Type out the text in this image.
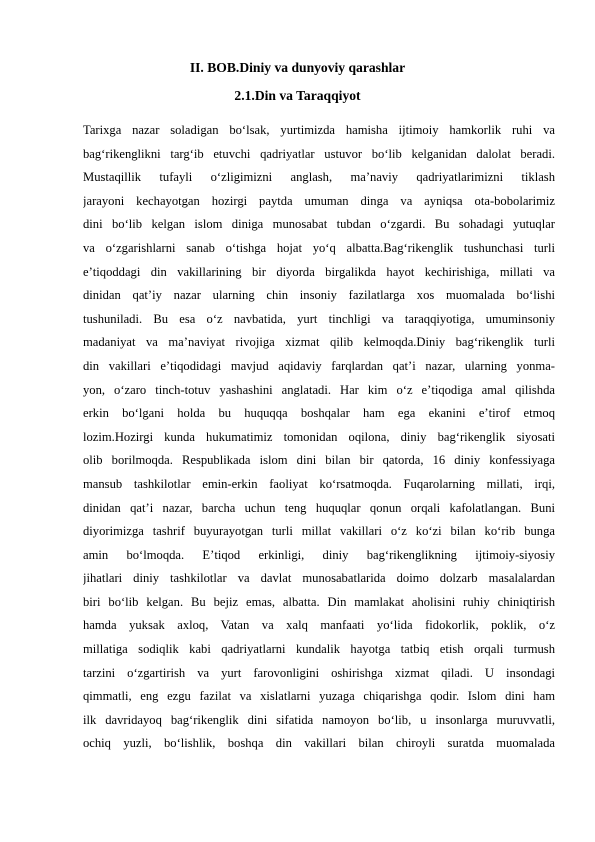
II. BOB.Diniy va dunyoviy qarashlar
2.1.Din va Taraqqiyot
Tarixga nazar soladigan boʻlsak, yurtimizda hamisha ijtimoiy hamkorlik ruhi va
bagʻrikenglikni targʻib etuvchi qadriyatlar ustuvor boʻlib kelganidan dalolat beradi.
Mustaqillik tufayli oʻzligimizni anglash, maʼnaviy qadriyatlarimizni tiklash
jarayoni kechayotgan hozirgi paytda umuman dinga va ayniqsa ota-bobolarimiz
dini boʻlib kelgan islom diniga munosabat tubdan oʻzgardi. Bu sohadagi yutuqlar
va oʻzgarishlarni sanab oʻtishga hojat yoʻq albatta.Bagʻrikenglik tushunchasi turli
eʼtiqoddagi din vakillarining bir diyorda birgalikda hayot kechirishiga, millati va
dinidan qatʼiy nazar ularning chin insoniy fazilatlarga xos muomalada boʻlishi
tushuniladi. Bu esa oʻz navbatida, yurt tinchligi va taraqqiyotiga, umuminsoniy
madaniyat va maʼnaviyat rivojiga xizmat qilib kelmoqda.Diniy bagʻrikenglik turli
din vakillari eʼtiqodidagi mavjud aqidaviy farqlardan qatʼi nazar, ularning yonma-
yon, oʻzaro tinch-totuv yashashini anglatadi. Har kim oʻz eʼtiqodiga amal qilishda
erkin boʻlgani holda bu huquqqa boshqalar ham ega ekanini eʼtirof etmoq
lozim.Hozirgi kunda hukumatimiz tomonidan oqilona, diniy bagʻrikenglik siyosati
olib borilmoqda. Respublikada islom dini bilan bir qatorda, 16 diniy konfessiyaga
mansub tashkilotlar emin-erkin faoliyat koʻrsatmoqda. Fuqarolarning millati, irqi,
dinidan qatʼi nazar, barcha uchun teng huquqlar qonun orqali kafolatlangan. Buni
diyorimizga tashrif buyurayotgan turli millat vakillari oʻz koʻzi bilan koʻrib bunga
amin boʻlmoqda. Eʼtiqod erkinligi, diniy bagʻrikenglikning ijtimoiy-siyosiy
jihatlari diniy tashkilotlar va davlat munosabatlarida doimo dolzarb masalalardan
biri boʻlib kelgan. Bu bejiz emas, albatta. Din mamlakat aholisini ruhiy chiniqtirish
hamda yuksak axloq, Vatan va xalq manfaati yoʻlida fidokorlik, poklik, oʻz
millatiga sodiqlik kabi qadriyatlarni kundalik hayotga tatbiq etish orqali turmush
tarzini oʻzgartirish va yurt farovonligini oshirishga xizmat qiladi. U insondagi
qimmatli, eng ezgu fazilat va xislatlarni yuzaga chiqarishga qodir. Islom dini ham
ilk davridayoq bagʻrikenglik dini sifatida namoyon boʻlib, u insonlarga muruvvatli,
ochiq yuzli, boʻlishlik, boshqa din vakillari bilan chiroyli suratda muomalada
